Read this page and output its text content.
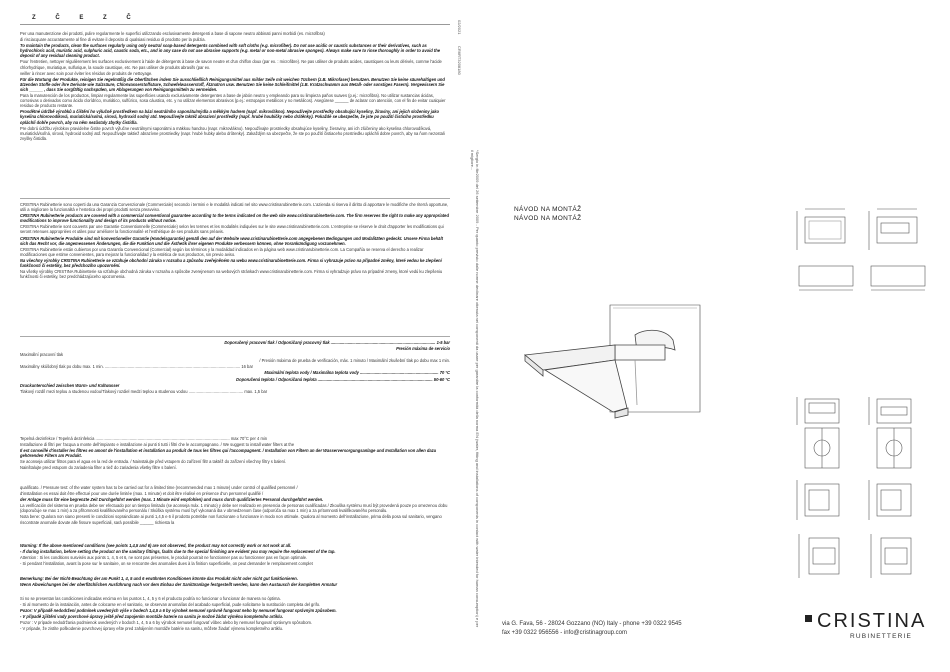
Z Č E Z Č

Per una manutenzione dei prodotti, pulire regolarmente le superfici utilizzando esclusivamente detergenti a base di sapone neutro abbinati panni morbidi (es. microfibra)

di risciacquare accuratamente al fine di evitare il deposito di qualsiasi residuo di prodotto per la pulizia.

To maintain the products, clean the surfaces regularly using only neutral soap-based detergents combined with soft cloths (e.g. microfiber). Do not use acidic or caustic substances or their derivatives, such as hydrochloric acid, muriatic acid, sulphuric acid, caustic soda, etc., and in any case do not use abrasive supports (e.g. metal or non-metal abrasive sponges). Always make sure to rinse thoroughly in order to avoid the deposit of any residual cleaning product.

Pour l'entretien, nettoyer régulièrement les surfaces exclusivement à l'aide de détergents à base de savon neutre et d'un chiffon doux (par ex. : microfibre). Ne pas utiliser de produits acides, caustiques ou leurs dérivés, comme l'acide chlorhydrique, muriatique, sulfurique, la soude caustique, etc. Ne pas utiliser de produits abrasifs (par ex.

veiller à rincer avec soin pour éviter les résidus de produits de nettoyage.

Für die Wartung der Produkte, reinigen Sie regelmäßig die Oberflächen indem Sie ausschließlich Reinigungsmittel aus milder Seife mit weichen Tüchern (z.B. Mikrofaser) benutzen. Benutzen Sie keine säurehaltigen und ätzenden Stoffe oder ihre Derivate wie Salzsäure, Chlorwasserstoffsäure, Schwefelwasserstoff, Ätznatron usw. Benutzen Sie keine Schleifmittel (z.B. Kratzschwamm aus Metall- oder sonstiges Fasern). Vergewissern Sie sich ______ , dass Sie sorgfältig nachspülen, um Ablagerungen von Reinigungsmitteln zu vermeiden.

Para la manutención de los productos, limpiar regularmente las superficies usando exclusivamente detergentes a base de jabón neutro y empleando para su limpieza paños suaves (p.ej.: microfibra). No utilizar sustancias ácidas, corrosivas o derivados como ácido clorídrico, muriático, sulfúrico, sosa cáustica, etc. y no utilizar elementos abrasivos (p.ej.: estropajos metálicos y no metálicos). Asegúrese ______ de aclarar con atención, con el fin de evitar cualquier residuo de producto restante.

Prosdětné údržbě výrobků a čištění ho výlučně prostředkem na bázi neutrálního saponátu/mýdla a měkkým hadrem (např. mikrovlákno). Nepoužívejte prostředky obsahující kyseliny, žíraviny, ani jejich složeniny jako kyselina chlorovodíková, muriatická/solná, sírová, hydroxid sodný atd. Nepoužívejte taktéž abrazivní prostředky (např. hrubé houbičky nebo drátěnky). Pokaždé se ubezpečte, že jste po použití čisticího prostředku opláchli dobře povrch, aby na něm nezůstaly zbytky čistidla.

Pre dobrú údržbu výrobkov pravidelne čistite povrch výlučne neutrálnymi saponátmi a mäkkou handrou (napr. mikrovlákno). Nepoužívajte prostriedky obsahujúce kyseliny, žieraviny, ani ich zlúčeniny ako kyselina chlorovodíková, muriatická/soľná, sírová, hydroxid sodný atď. Nepoužívajte taktiež abrazívne prostriedky (napr. hrubé hubky alebo drôtenky). Zakaždým sa ubezpečte, že ste po použití čistiaceho prostriedku opláchli dobre povrch, aby na ňom nezostali zvyšky čistidla.

CRISTINA Rubinetterie sono coperti da una Garanzia Convenzionale (Commerciale) secondo i termini e le modalità indicati nel sito www.cristinarubinetterie.com. L'azienda si riserva il diritto di apportare le modifiche che riterrà opportune, utili a migliorare la funzionalità e l'estetica dei propri prodotti senza preavviso.

CRISTINA Rubinetterie products are covered with a commercial conventional guarantee according to the terms indicated on the web site www.cristinarubinetterie.com. The firm reserves the right to make any appropriated modifications to improve functionality and design of its products without notice.

CRISTINA Rubinetterie sont couverts par une Garantie Conventionnelle (Commerciale) selon les termes et les modalités indiquées sur le site www.cristinarubinetterie.com. L'entreprise se réserve le droit d'apporter les modifications qui seront retenues appropriées et utiles pour améliorer la fonctionnalité et l'esthétique de ses produits sans préavis.

CRISTINA Rubinetterie Produkte sind mit konventioneller Garantie (Handelsgarantie) gemäß den auf der Website www.cristinarubinetterie.com angegebenen Bedingungen und Modalitäten gedeckt. Unsere Firma behält sich das Recht vor, die angemessenen Änderungen, die die Funktion und die Ästhetik ihrer eigenen Produkte verbessern können, ohne Vorankündigung vorzunehmen.

CRISTINA Rubinetterie están cubiertos por una Garantía Convencional (Comercial) según los términos y la modalidad indicados en la página web www.cristinarubinetterie.com. La Compañía se reserva el derecho a realizar modificaciones que estime convenientes, para mejorar la funcionalidad y la estética de sus productos, sin previo aviso.

Na všechny výrobky CRISTINA Rubinetterie se vztahuje obchodní záruka v rozsahu a způsobu zveřejněném na webu www.cristinarubinetterie.com. Firma si vyhrazuje právo na případné změny, které vedou ke zlepšení funkčnosti či estetiky, bez předchozího upozornění.

Na všetky výrobky CRISTINA Rubinetterie sa vzťahuje obchodná záruka v rozsahu a spôsobe zverejnenom na webových stránkach www.cristinarubinetterie.com. Firma si vyhradzuje právo na prípadné zmeny, ktoré vedú ku zlepšeniu funkčnosti či estetiky, bez predchádzajúceho upozornenia.

Doporučený pracovní tlak / Odporúčaný pracovný tlak ............................................................................................ 1-5 bar

Presión máxima de servicio

Maximální pracovní tlak

/ Presión máxima de prueba de verificación, máx. 1 minuto / Maximální zkušební tlak po dobu max 1 min.

Maximálny skúšobný tlak po dobu max. 1 min. ....................................................................................................................... 16 bar

Maximální teplota vody / Maximálna teplota vody ..................................................................... 70 °C

Doporučená teplota / Odporúčaná teplota ..................................................................................................... 50-60 °C

Druckunterschied zwischen Warm- und Kaltwasser

Tlakový rozdíl mezi teplou a studenou vodou/Tlakový rozdiel medzi teplou a studenou vodou ................................................ max. 1,5 bar

Tepelná dezinfekce / Tepelná dezinfekcia ...................................................................................................................... max 70°C per 4 min

Installazione di filtri per l'acqua a monte dell'impianto e installazione ai punti ti tutti i filtri che le accompagnano. / We suggest to install water filters at the

Il est conseillé d'installer les filtres en amont de l'installation et installation au produit de tous les filtres qui l'accompagnent. / Installation von Filtern an der Wasserversorgungsanlage und Installation von allen dazu gehörenden Filtern am Produkt.

Se aconseja utilizar filtros para el agua en la red de entrada. / Nainstalujte před vstupem do zařízení filtr a taktéž do zařízení všechny filtry s balení.

Nainštalujte pred vstupom do zariadenia filter a tiež do zariadenia všetky filtre s balení.

qualificato. / Pressure test: of the water system has to be carried out for a limited time (recommended max 1 minute) under control of qualified personnel /

d'installation es essai doit être effectué pour une durée limitée (max. 1 minute) et doit être réalisé en présence d'un personnel qualifié /

der Anlage muss für eine begrenzte Zeit Durchgeführt werden (max. 1 Minute wird empfohlen) und muss durch qualifiziertes Personal durchgeführt werden.

La verificación del sistema en prueba debe ser efectuado por un tiempo limitado (se aconseja máx. 1 minuto) y debe ser realizado en presencia de personas cualificadas / Zkouška systému musí být provedená pouze po omezenou dobu (doporučuje se max 1 min) a za přítomnosti kvalifikovaného personálu / Skúška systému musí byť vykonaná iba v obmedzenom čase (odporúča sa max 1 min) a za prítomnosti kvalifikovaného personálu.

Nota bene: Qualora non siano presenti le condizioni sopraindicate ai punti 1,4,5 e 6 il prodotto potrebbe non funzionare o funzionare in modo non ottimale. Qualora al momento dell'installazione, prima della posa sul sanitario, vengano riscontrate anomalie dovute alle fissure superficiali, sarà possibile ______ richiesta la

Warning: If the above mentioned conditions (see points 1,4,5 and 6) are not observed, the product may not correctly work or not work at all.

- If during installation, before setting the product on the sanitary fittings, faults due to the special finishing are evident you may require the replacement of the tap.

Attention : Si les conditions susvisés aux points 1, 4, 5 et 6, ne sont pas présentes, le produit pourrait ne fonctionner pas ou fonctionner pas en façon optimale.

- Si pendant l'installation, avant la pose sur le sanitaire, on se rencontre des anomalies dues à la finition superficielle, on peut demander le remplacement complet

Bemerkung: Bei der Nicht-Beachtung der am Punkt 1, 4, 5 und 6 erwähnten Konditionen könnte das Produkt nicht oder nicht gut funktionieren.

Wenn Abweichungen bei der oberflächlichen Ausführung nach vor dem Einbau der Sanitäranlage festgestellt werden, kann den Austausch der kompletten Armatur

Si no se presentan las condiciones indicadas encima en los puntos 1, 4, 5 y 6 el producto podría no funcionar o funcionar de manera no óptima.

- Si al momento de la instalación, antes de colocarse en el sanitario, se observan anomalías del acabado superficial, pude solicitarse la sustitución completa del grifo.

Pozor: V případě nedodržení podmínek uvedených výše v bodech 1,4,5 a 6 by výrobek nemusel správně fungovat nebo by nemusel fungovat správným způsobem.

- V případě zjištění vady povrchové úpravy ještě před zapojením montáže baterie na sanitu je možné žádat výměnu kompletního artiklu.

Pozor : V prípade nedodržania podmienok uvedených v bodoch 1, 4, 5 a 6 by výrobok nemusel fungovať vôbec alebo by nemusel fungovať správnym spôsobom.

- V prípade, že zistíte poškodenie povrchovej úpravy ešte pred zahájením montáže batérie na sanitu, môžete žiadať výmenu kompletného artiklu.

02/2021
CR6RT3208180
*Sergio in file2009 del 26 settembre 2009 - Per quanto previsto dalle norme declinare ottenuta nei componenti da usare per garantire la conformità della norma EN (water, fitting and installations of components in contact with water intended for human consumption) e per il migliore...
NÁVOD NA MONTÁŽ
NÁVOD NA MONTÁŽ
via G. Fava, 56 - 28024 Gozzano (NO) Italy - phone +39 0322 9545
fax +39 0322 956556 - info@cristinagroup.com
CRISTINA
RUBINETTERIE
